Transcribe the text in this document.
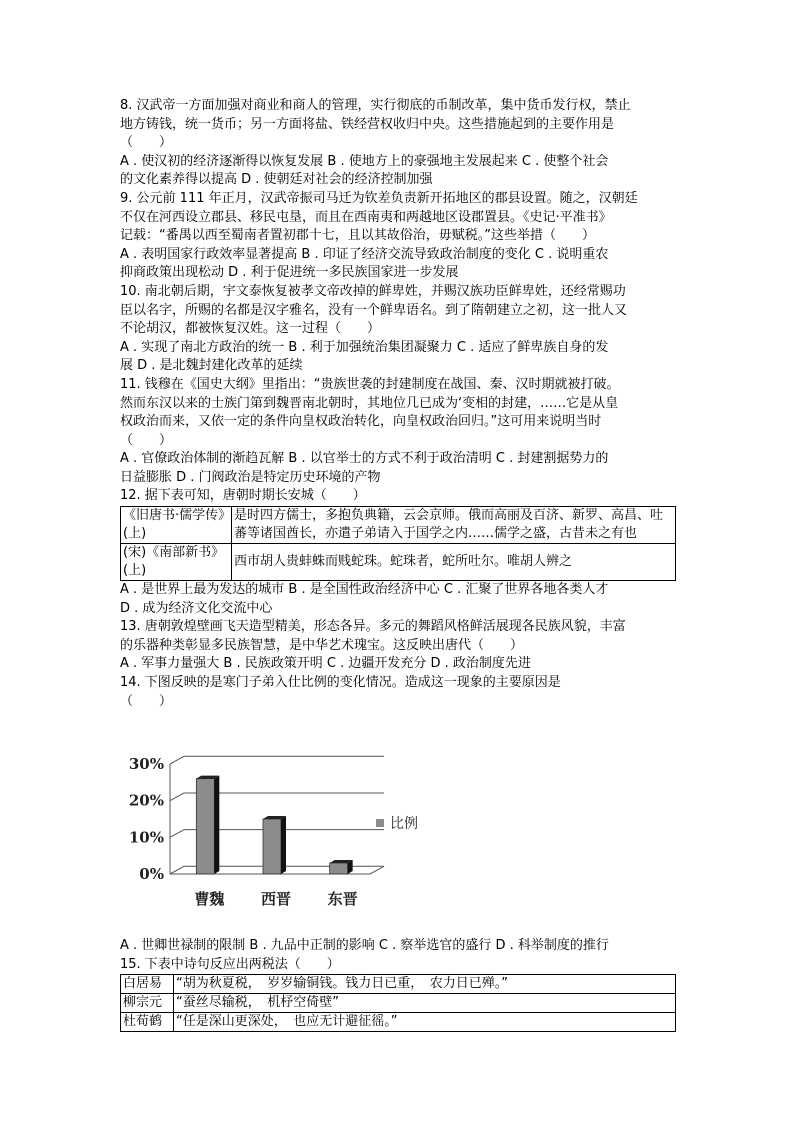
8. 汉武帝一方面加强对商业和商人的管理，实行彻底的币制改革，集中货币发行权，禁止
地方铸钱，统一货币；另一方面将盐、铁经营权收归中央。这些措施起到的主要作用是
（　　）
A . 使汉初的经济逐渐得以恢复发展 B . 使地方上的豪强地主发展起来 C . 使整个社会
的文化素养得以提高 D . 使朝廷对社会的经济控制加强
9. 公元前 111 年正月，汉武帝振司马迁为钦差负责新开拓地区的郡县设置。随之，汉朝廷
不仅在河西设立郡县、移民屯垦，而且在西南夷和两越地区设郡置县。《史记·平准书》
记载：“番禺以西至蜀南者置初郡十七，且以其故俗治，毋赋税。”这些举措（　　）
A . 表明国家行政效率显著提高 B . 印证了经济交流导致政治制度的变化 C . 说明重农
抑商政策出现松动 D . 利于促进统一多民族国家进一步发展
10. 南北朝后期，宇文泰恢复被孝文帝改掉的鲜卑姓，并赐汉族功臣鲜卑姓，还经常赐功
臣以名字，所赐的名都是汉字雅名，没有一个鲜卑语名。到了隋朝建立之初，这一批人又
不论胡汉，都被恢复汉姓。这一过程（　　）
A . 实现了南北方政治的统一 B . 利于加强统治集团凝聚力 C . 适应了鲜卑族自身的发
展 D . 是北魏封建化改革的延续
11. 钱穆在《国史大纲》里指出：“贵族世袭的封建制度在战国、秦、汉时期就被打破。
然而东汉以来的士族门第到魏晋南北朝时，其地位几已成为‘变相的封建，……它是从皇
权政治而来，又依一定的条件向皇权政治转化，向皇权政治回归。”这可用来说明当时
（　　）
A . 官僚政治体制的渐趋瓦解 B . 以官举士的方式不利于政治清明 C . 封建割据势力的
日益膨胀 D . 门阀政治是特定历史环境的产物
12. 据下表可知，唐朝时期长安城（　　）
《旧唐书·儒学传》(上)	是时四方儒士，多抱负典籍，云会京师。俄而高丽及百济、新罗、高昌、吐蕃等诸国酋长，亦遣子弟请入于国学之内……儒学之盛，古昔未之有也
(宋)《南部新书》(上)	西市胡人贵蚌蛛而贱蛇珠。蛇珠者，蛇所吐尔。唯胡人辨之
A . 是世界上最为发达的城市 B . 是全国性政治经济中心 C . 汇聚了世界各地各类人才
D . 成为经济文化交流中心
13. 唐朝敦煌壁画飞天造型精美，形态各异。多元的舞蹈风格鲜活展现各民族风貌，丰富
的乐器种类彰显多民族智慧，是中华艺术瑰宝。这反映出唐代（　　）
A . 军事力量强大 B . 民族政策开明 C . 边疆开发充分 D . 政治制度先进
14. 下图反映的是寒门子弟入仕比例的变化情况。造成这一现象的主要原因是
（　　）
0%
10%
20%
30%
曹魏 西晋 东晋
比例
A . 世卿世禄制的限制 B . 九品中正制的影响 C . 察举选官的盛行 D . 科举制度的推行
15. 下表中诗句反应出两税法（　　）
白居易	“胡为秋夏税，　岁岁输铜钱。钱力日已重，　农力日已殚。”
柳宗元	“蚕丝尽输税，　机杼空倚壁”
杜荀鹤	“任是深山更深处，　也应无计避征徭。”
